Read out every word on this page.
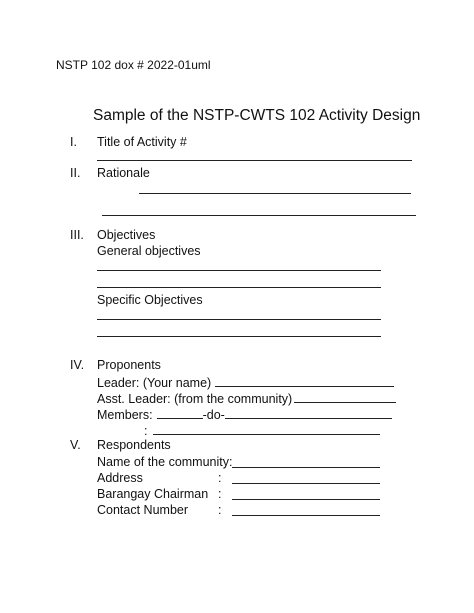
NSTP 102 dox # 2022-01uml
Sample of the NSTP-CWTS 102 Activity Design
I. Title of Activity #
II. Rationale
III. Objectives
General objectives
Specific Objectives
IV. Proponents
Leader: (Your name)
Asst. Leader: (from the community)
Members:	-do-
:
V. Respondents
Name of the community:
Address	:
Barangay Chairman :
Contact Number :
